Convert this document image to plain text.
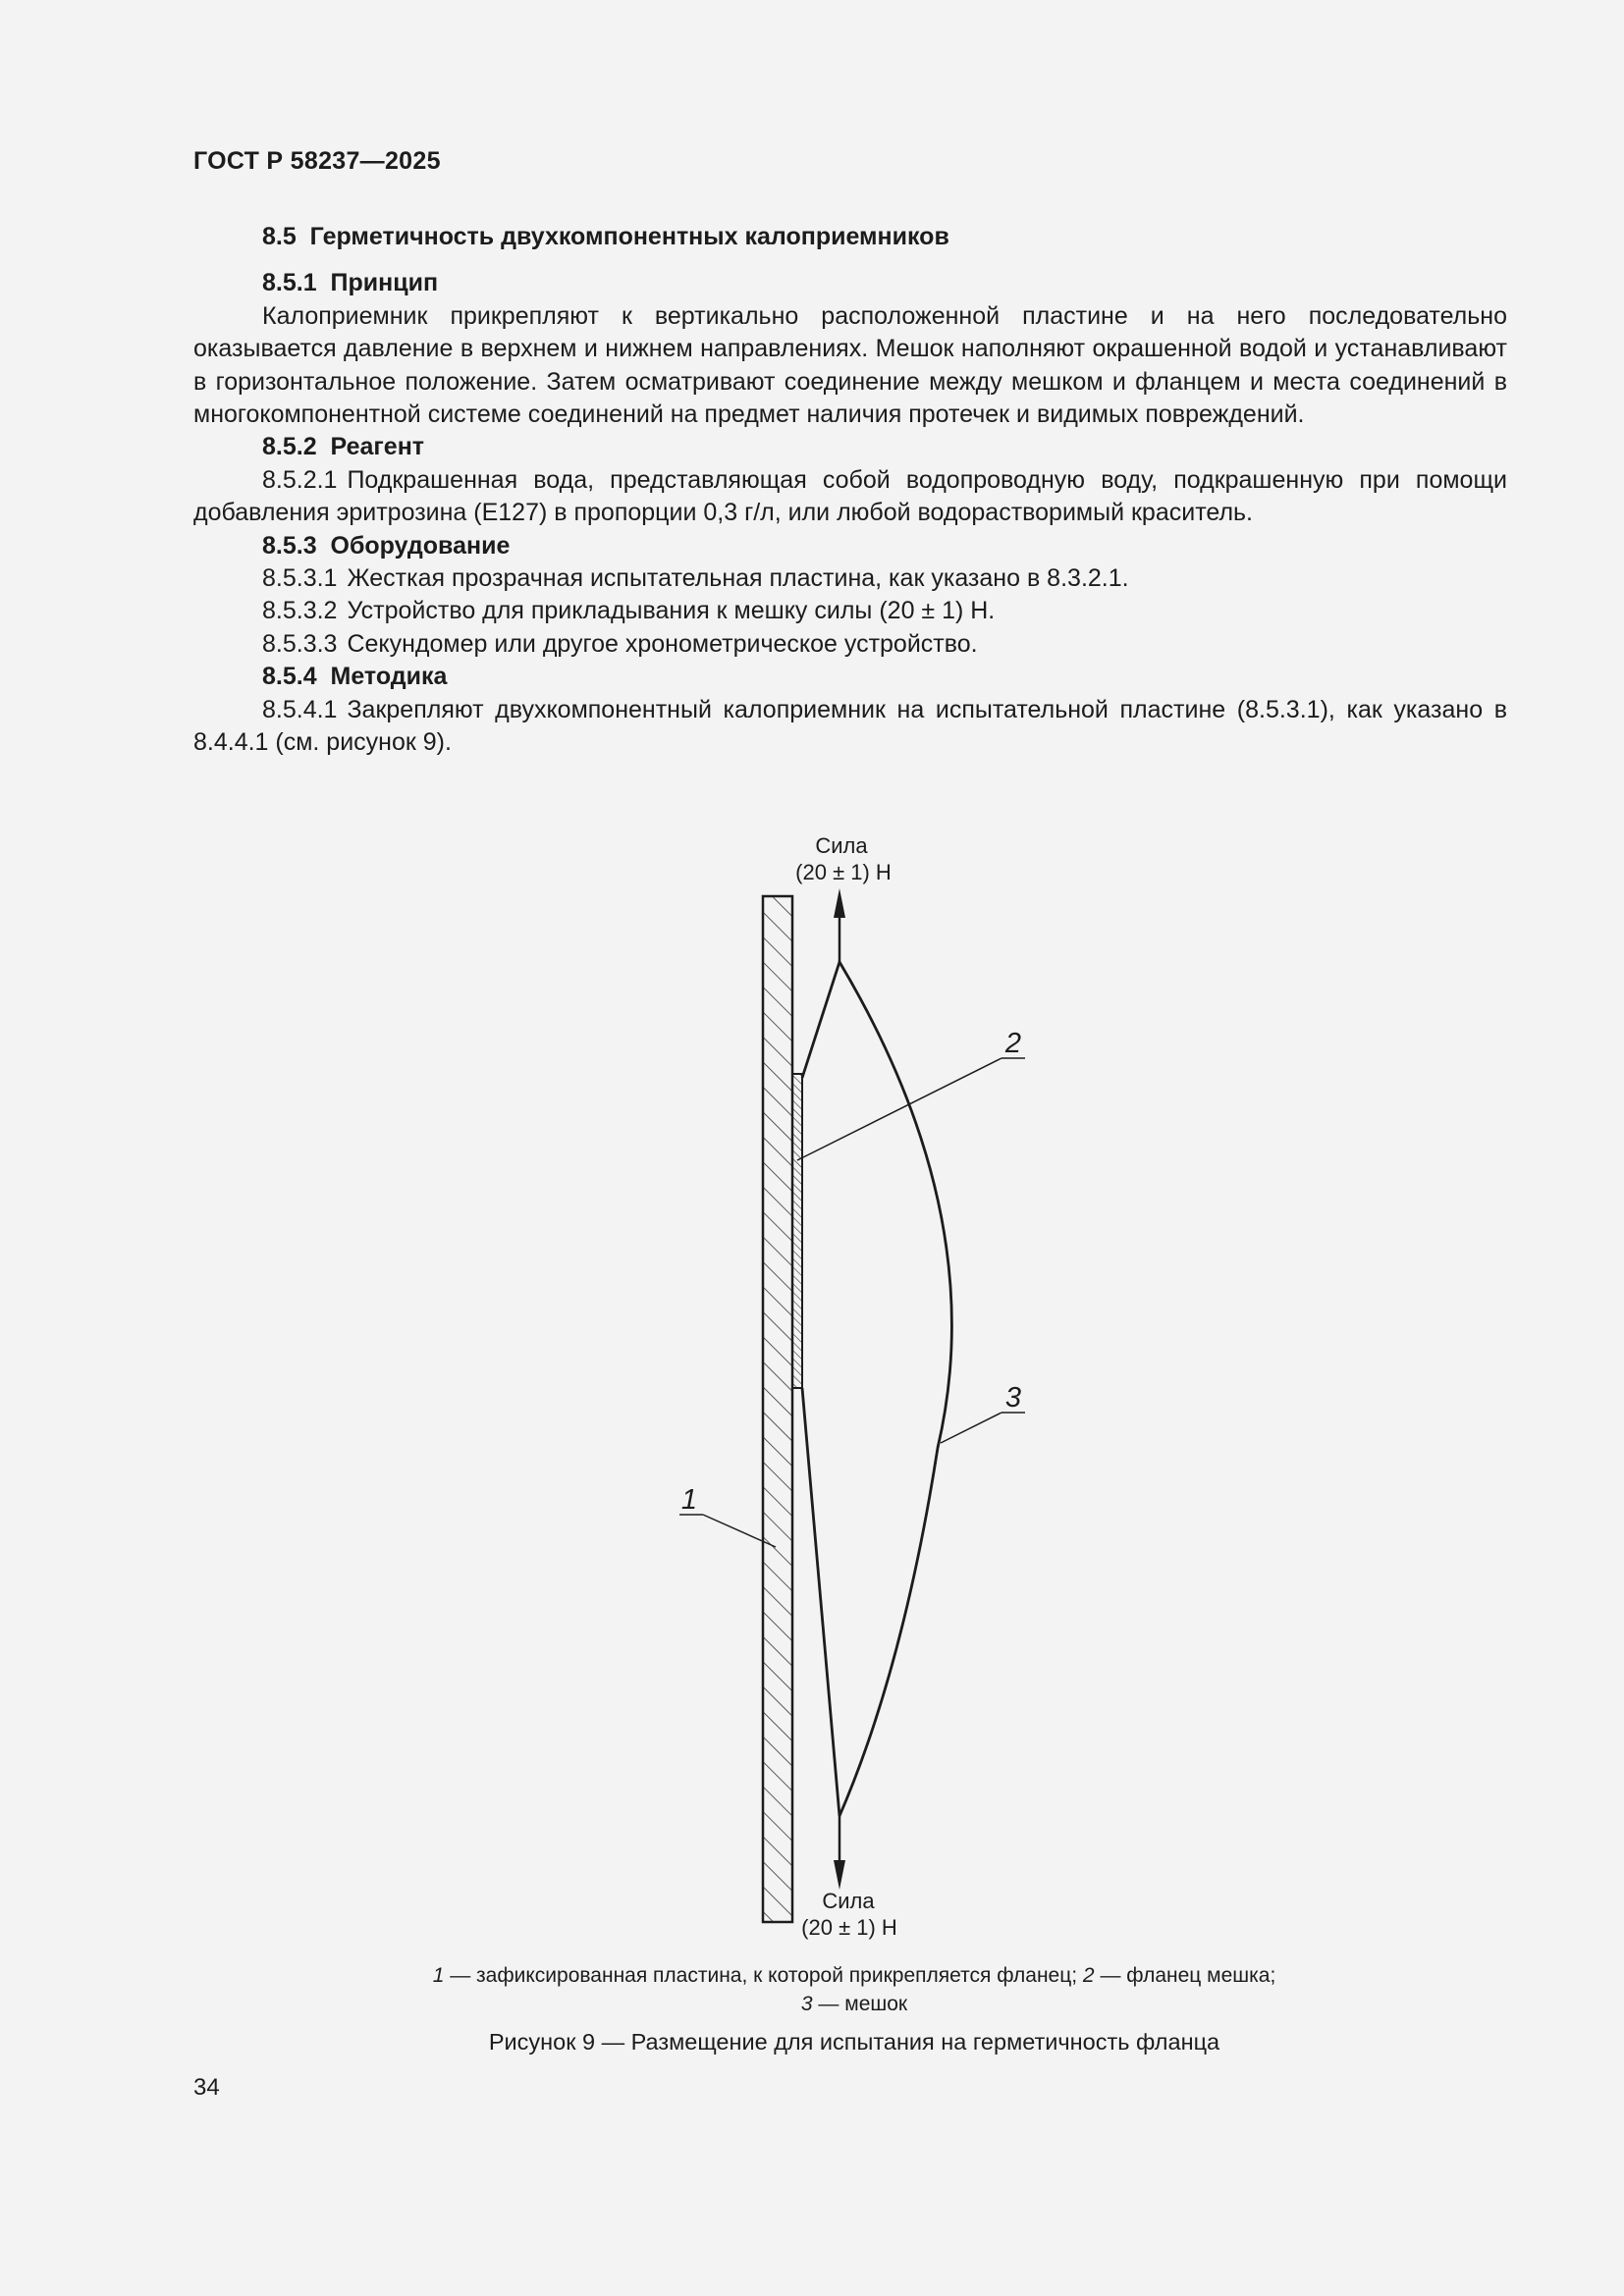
ГОСТ Р 58237—2025

8.5 Герметичность двухкомпонентных калоприемников

8.5.1 Принцип

Калоприемник прикрепляют к вертикально расположенной пластине и на него последовательно оказывается давление в верхнем и нижнем направлениях. Мешок наполняют окрашенной водой и устанавливают в горизонтальное положение. Затем осматривают соединение между мешком и фланцем и места соединений в многокомпонентной системе соединений на предмет наличия протечек и видимых повреждений.

8.5.2 Реагент

8.5.2.1 Подкрашенная вода, представляющая собой водопроводную воду, подкрашенную при помощи добавления эритрозина (Е127) в пропорции 0,3 г/л, или любой водорастворимый краситель.

8.5.3 Оборудование

8.5.3.1 Жесткая прозрачная испытательная пластина, как указано в 8.3.2.1.

8.5.3.2 Устройство для прикладывания к мешку силы (20 ± 1) Н.

8.5.3.3 Секундомер или другое хронометрическое устройство.

8.5.4 Методика

8.5.4.1 Закрепляют двухкомпонентный калоприемник на испытательной пластине (8.5.3.1), как указано в 8.4.4.1 (см. рисунок 9).

Сила
(20 ± 1) Н
Сила
(20 ± 1) Н
1
2
3
1 — зафиксированная пластина, к которой прикрепляется фланец; 2 — фланец мешка;
3 — мешок
Рисунок 9 — Размещение для испытания на герметичность фланца
34
